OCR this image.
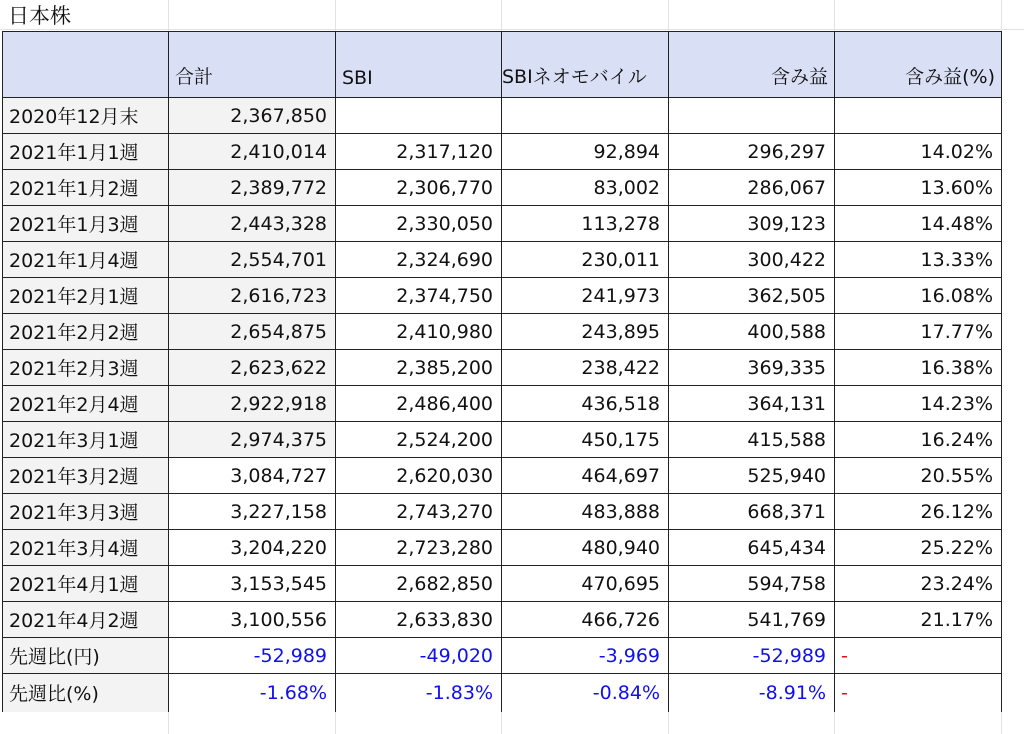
日本株
	合計	SBI	SBIネオモバイル	含み益	含み益(%)
2020年12月末	2,367,850				
2021年1月1週	2,410,014	2,317,120	92,894	296,297	14.02%
2021年1月2週	2,389,772	2,306,770	83,002	286,067	13.60%
2021年1月3週	2,443,328	2,330,050	113,278	309,123	14.48%
2021年1月4週	2,554,701	2,324,690	230,011	300,422	13.33%
2021年2月1週	2,616,723	2,374,750	241,973	362,505	16.08%
2021年2月2週	2,654,875	2,410,980	243,895	400,588	17.77%
2021年2月3週	2,623,622	2,385,200	238,422	369,335	16.38%
2021年2月4週	2,922,918	2,486,400	436,518	364,131	14.23%
2021年3月1週	2,974,375	2,524,200	450,175	415,588	16.24%
2021年3月2週	3,084,727	2,620,030	464,697	525,940	20.55%
2021年3月3週	3,227,158	2,743,270	483,888	668,371	26.12%
2021年3月4週	3,204,220	2,723,280	480,940	645,434	25.22%
2021年4月1週	3,153,545	2,682,850	470,695	594,758	23.24%
2021年4月2週	3,100,556	2,633,830	466,726	541,769	21.17%
先週比(円)	-52,989	-49,020	-3,969	-52,989	-
先週比(%)	-1.68%	-1.83%	-0.84%	-8.91%	-
